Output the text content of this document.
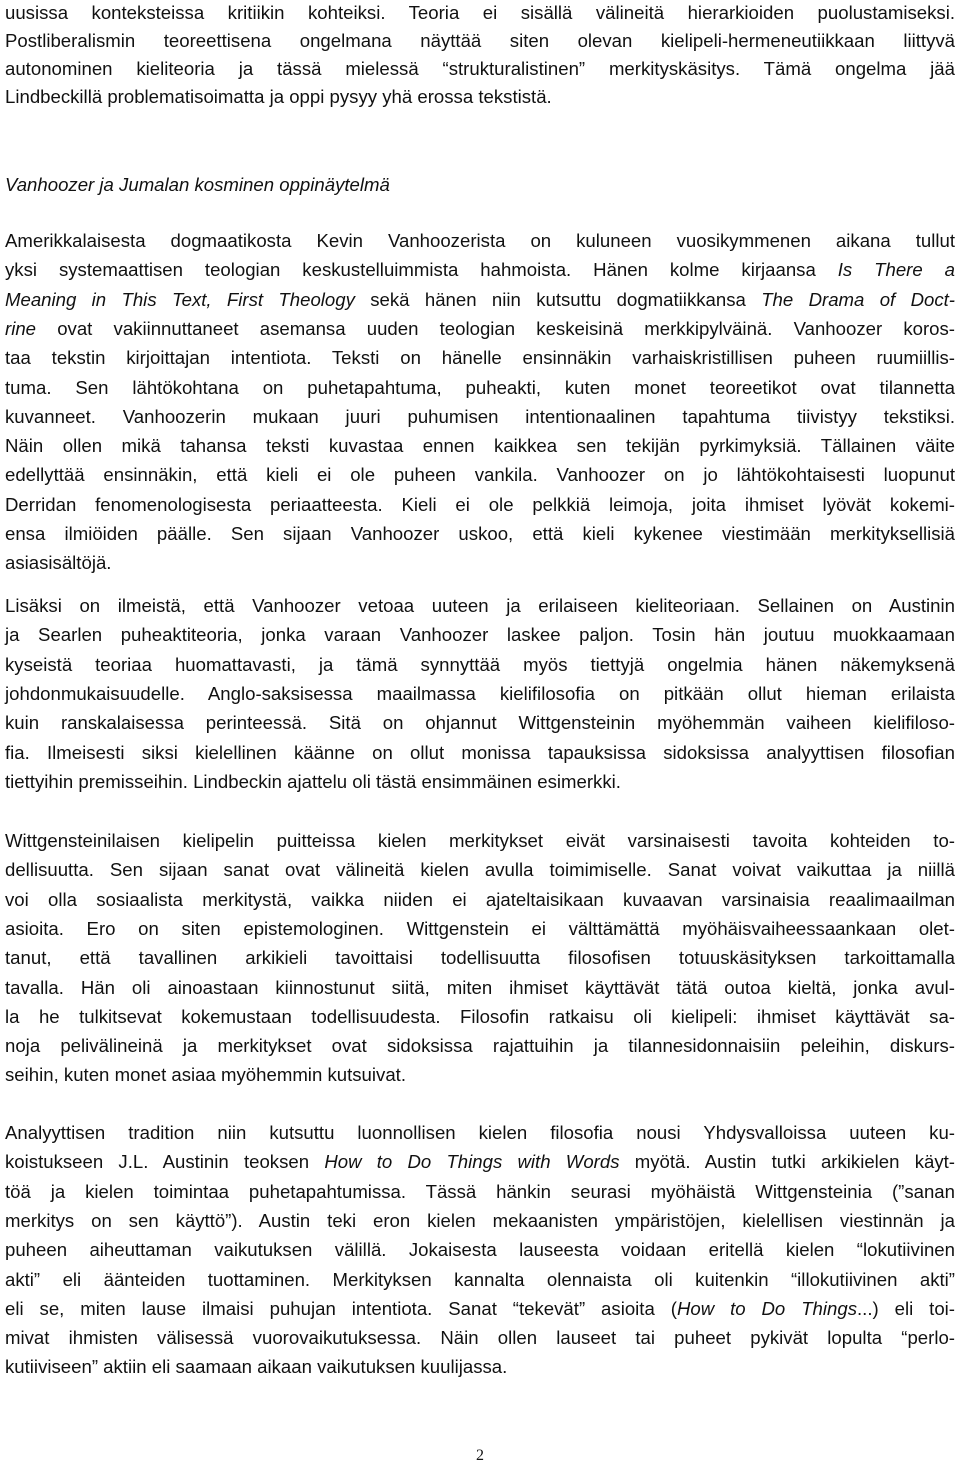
uusissa konteksteissa kritiikin kohteiksi. Teoria ei sisällä välineitä hierarkioiden puolustamiseksi.
Postliberalismin teoreettisena ongelmana näyttää siten olevan kielipeli-hermeneutiikkaan liittyvä
autonominen kieliteoria ja tässä mielessä “strukturalistinen” merkityskäsitys. Tämä ongelma jää
Lindbeckillä problematisoimatta ja oppi pysyy yhä erossa tekstistä.
Vanhoozer ja Jumalan kosminen oppinäytelmä
Amerikkalaisesta dogmaatikosta Kevin Vanhoozerista on kuluneen vuosikymmenen aikana tullut
yksi systemaattisen teologian keskustelluimmista hahmoista. Hänen kolme kirjaansa Is There a
Meaning in This Text, First Theology sekä hänen niin kutsuttu dogmatiikkansa The Drama of Doct-
rine ovat vakiinnuttaneet asemansa uuden teologian keskeisinä merkkipylväinä. Vanhoozer koros-
taa tekstin kirjoittajan intentiota. Teksti on hänelle ensinnäkin varhaiskristillisen puheen ruumiillis-
tuma. Sen lähtökohtana on puhetapahtuma, puheakti, kuten monet teoreetikot ovat tilannetta
kuvanneet. Vanhoozerin mukaan juuri puhumisen intentionaalinen tapahtuma tiivistyy tekstiksi.
Näin ollen mikä tahansa teksti kuvastaa ennen kaikkea sen tekijän pyrkimyksiä. Tällainen väite
edellyttää ensinnäkin, että kieli ei ole puheen vankila. Vanhoozer on jo lähtökohtaisesti luopunut
Derridan fenomenologisesta periaatteesta. Kieli ei ole pelkkiä leimoja, joita ihmiset lyövät kokemi-
ensa ilmiöiden päälle. Sen sijaan Vanhoozer uskoo, että kieli kykenee viestimään merkityksellisiä
asiasisältöjä.
Lisäksi on ilmeistä, että Vanhoozer vetoaa uuteen ja erilaiseen kieliteoriaan. Sellainen on Austinin
ja Searlen puheaktiteoria, jonka varaan Vanhoozer laskee paljon. Tosin hän joutuu muokkaamaan
kyseistä teoriaa huomattavasti, ja tämä synnyttää myös tiettyjä ongelmia hänen näkemyksenä
johdonmukaisuudelle. Anglo-saksisessa maailmassa kielifilosofia on pitkään ollut hieman erilaista
kuin ranskalaisessa perinteessä. Sitä on ohjannut Wittgensteinin myöhemmän vaiheen kielifiloso-
fia. Ilmeisesti siksi kielellinen käänne on ollut monissa tapauksissa sidoksissa analyyttisen filosofian
tiettyihin premisseihin. Lindbeckin ajattelu oli tästä ensimmäinen esimerkki.
Wittgensteinilaisen kielipelin puitteissa kielen merkitykset eivät varsinaisesti tavoita kohteiden to-
dellisuutta. Sen sijaan sanat ovat välineitä kielen avulla toimimiselle. Sanat voivat vaikuttaa ja niillä
voi olla sosiaalista merkitystä, vaikka niiden ei ajateltaisikaan kuvaavan varsinaisia reaalimaailman
asioita. Ero on siten epistemologinen. Wittgenstein ei välttämättä myöhäisvaiheessaankaan olet-
tanut, että tavallinen arkikieli tavoittaisi todellisuutta filosofisen totuuskäsityksen tarkoittamalla
tavalla. Hän oli ainoastaan kiinnostunut siitä, miten ihmiset käyttävät tätä outoa kieltä, jonka avul-
la he tulkitsevat kokemustaan todellisuudesta. Filosofin ratkaisu oli kielipeli: ihmiset käyttävät sa-
noja pelivälineinä ja merkitykset ovat sidoksissa rajattuihin ja tilannesidonnaisiin peleihin, diskurs-
seihin, kuten monet asiaa myöhemmin kutsuivat.
Analyyttisen tradition niin kutsuttu luonnollisen kielen filosofia nousi Yhdysvalloissa uuteen ku-
koistukseen J.L. Austinin teoksen How to Do Things with Words myötä. Austin tutki arkikielen käyt-
töä ja kielen toimintaa puhetapahtumissa. Tässä hänkin seurasi myöhäistä Wittgensteinia (”sanan
merkitys on sen käyttö”). Austin teki eron kielen mekaanisten ympäristöjen, kielellisen viestinnän ja
puheen aiheuttaman vaikutuksen välillä. Jokaisesta lauseesta voidaan eritellä kielen “lokutiivinen
akti” eli äänteiden tuottaminen. Merkityksen kannalta olennaista oli kuitenkin “illokutiivinen akti”
eli se, miten lause ilmaisi puhujan intentiota. Sanat “tekevät” asioita (How to Do Things...) eli toi-
mivat ihmisten välisessä vuorovaikutuksessa. Näin ollen lauseet tai puheet pykivät lopulta “perlo-
kutiiviseen” aktiin eli saamaan aikaan vaikutuksen kuulijassa.
2
